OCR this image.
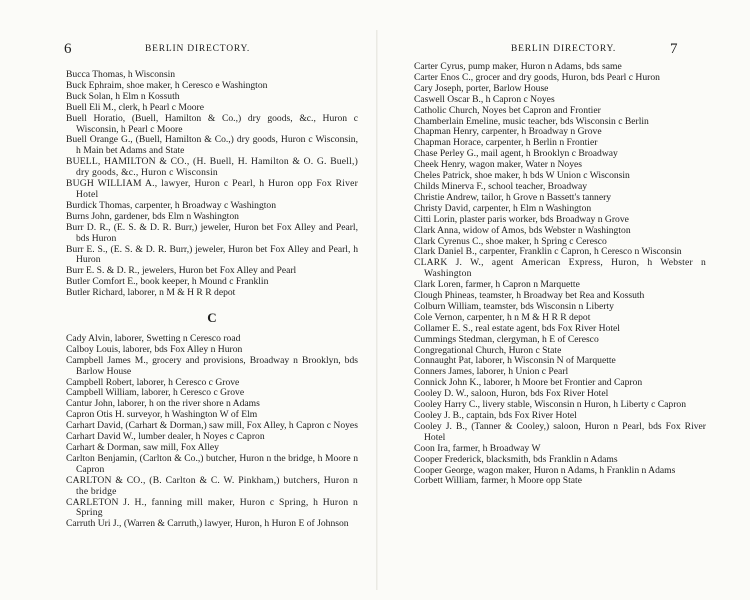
6	BERLIN DIRECTORY.

Bucca Thomas, h Wisconsin

Buck Ephraim, shoe maker, h Ceresco e Washington

Buck Solan, h Elm n Kossuth

Buell Eli M., clerk, h Pearl c Moore

Buell Horatio, (Buell, Hamilton & Co.,) dry goods, &c., Huron c Wisconsin, h Pearl c Moore

Buell Orange G., (Buell, Hamilton & Co.,) dry goods, Huron c Wisconsin, h Main bet Adams and State

BUELL, HAMILTON & CO., (H. Buell, H. Hamilton & O. G. Buell,) dry goods, &c., Huron c Wisconsin

BUGH WILLIAM A., lawyer, Huron c Pearl, h Huron opp Fox River Hotel

Burdick Thomas, carpenter, h Broadway c Washington

Burns John, gardener, bds Elm n Washington

Burr D. R., (E. S. & D. R. Burr,) jeweler, Huron bet Fox Alley and Pearl, bds Huron

Burr E. S., (E. S. & D. R. Burr,) jeweler, Huron bet Fox Alley and Pearl, h Huron

Burr E. S. & D. R., jewelers, Huron bet Fox Alley and Pearl

Butler Comfort E., book keeper, h Mound c Franklin

Butler Richard, laborer, n M & H R R depot

C

Cady Alvin, laborer, Swetting n Ceresco road

Calboy Louis, laborer, bds Fox Alley n Huron

Campbell James M., grocery and provisions, Broadway n Brooklyn, bds Barlow House

Campbell Robert, laborer, h Ceresco c Grove

Campbell William, laborer, h Ceresco c Grove

Cantur John, laborer, h on the river shore n Adams

Capron Otis H. surveyor, h Washington W of Elm

Carhart David, (Carhart & Dorman,) saw mill, Fox Alley, h Capron c Noyes

Carhart David W., lumber dealer, h Noyes c Capron

Carhart & Dorman, saw mill, Fox Alley

Carlton Benjamin, (Carlton & Co.,) butcher, Huron n the bridge, h Moore n Capron

CARLTON & CO., (B. Carlton & C. W. Pinkham,) butchers, Huron n the bridge

CARLETON J. H., fanning mill maker, Huron c Spring, h Huron n Spring

Carruth Uri J., (Warren & Carruth,) lawyer, Huron, h Huron E of Johnson

BERLIN DIRECTORY.	7

Carter Cyrus, pump maker, Huron n Adams, bds same

Carter Enos C., grocer and dry goods, Huron, bds Pearl c Huron

Cary Joseph, porter, Barlow House

Caswell Oscar B., h Capron c Noyes

Catholic Church, Noyes bet Capron and Frontier

Chamberlain Emeline, music teacher, bds Wisconsin c Berlin

Chapman Henry, carpenter, h Broadway n Grove

Chapman Horace, carpenter, h Berlin n Frontier

Chase Perley G., mail agent, h Brooklyn c Broadway

Cheek Henry, wagon maker, Water n Noyes

Cheles Patrick, shoe maker, h bds W Union c Wisconsin

Childs Minerva F., school teacher, Broadway

Christie Andrew, tailor, h Grove n Bassett's tannery

Christy David, carpenter, h Elm n Washington

Citti Lorin, plaster paris worker, bds Broadway n Grove

Clark Anna, widow of Amos, bds Webster n Washington

Clark Cyrenus C., shoe maker, h Spring c Ceresco

Clark Daniel B., carpenter, Franklin c Capron, h Ceresco n Wisconsin

CLARK J. W., agent American Express, Huron, h Webster n Washington

Clark Loren, farmer, h Capron n Marquette

Clough Phineas, teamster, h Broadway bet Rea and Kossuth

Colburn William, teamster, bds Wisconsin n Liberty

Cole Vernon, carpenter, h n M & H R R depot

Collamer E. S., real estate agent, bds Fox River Hotel

Cummings Stedman, clergyman, h E of Ceresco

Congregational Church, Huron c State

Connaught Pat, laborer, h Wisconsin N of Marquette

Conners James, laborer, h Union c Pearl

Connick John K., laborer, h Moore bet Frontier and Capron

Cooley D. W., saloon, Huron, bds Fox River Hotel

Cooley Harry C., livery stable, Wisconsin n Huron, h Liberty c Capron

Cooley J. B., captain, bds Fox River Hotel

Cooley J. B., (Tanner & Cooley,) saloon, Huron n Pearl, bds Fox River Hotel

Coon Ira, farmer, h Broadway W

Cooper Frederick, blacksmith, bds Franklin n Adams

Cooper George, wagon maker, Huron n Adams, h Franklin n Adams

Corbett William, farmer, h Moore opp State
